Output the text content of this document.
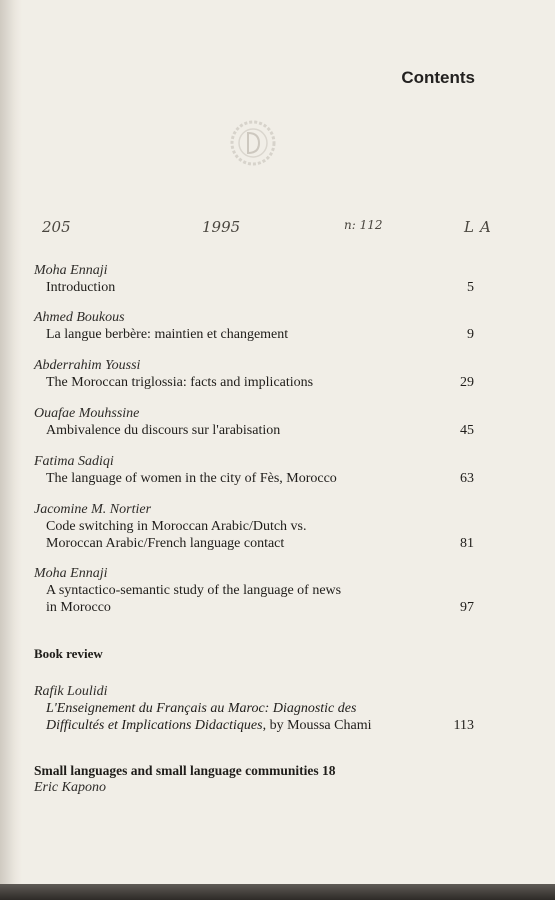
Contents
205	1995	n: 112	LA
Moha Ennaji
Introduction	5
Ahmed Boukous
La langue berbère: maintien et changement	9
Abderrahim Youssi
The Moroccan triglossia: facts and implications	29
Ouafae Mouhssine
Ambivalence du discours sur l'arabisation	45
Fatima Sadiqi
The language of women in the city of Fès, Morocco	63
Jacomine M. Nortier
Code switching in Moroccan Arabic/Dutch vs.
Moroccan Arabic/French language contact	81
Moha Ennaji
A syntactico-semantic study of the language of news
in Morocco	97
Book review
Rafik Loulidi
L'Enseignement du Français au Maroc: Diagnostic des
Difficultés et Implications Didactiques, by Moussa Chami	113
Small languages and small language communities 18
Eric Kapono
